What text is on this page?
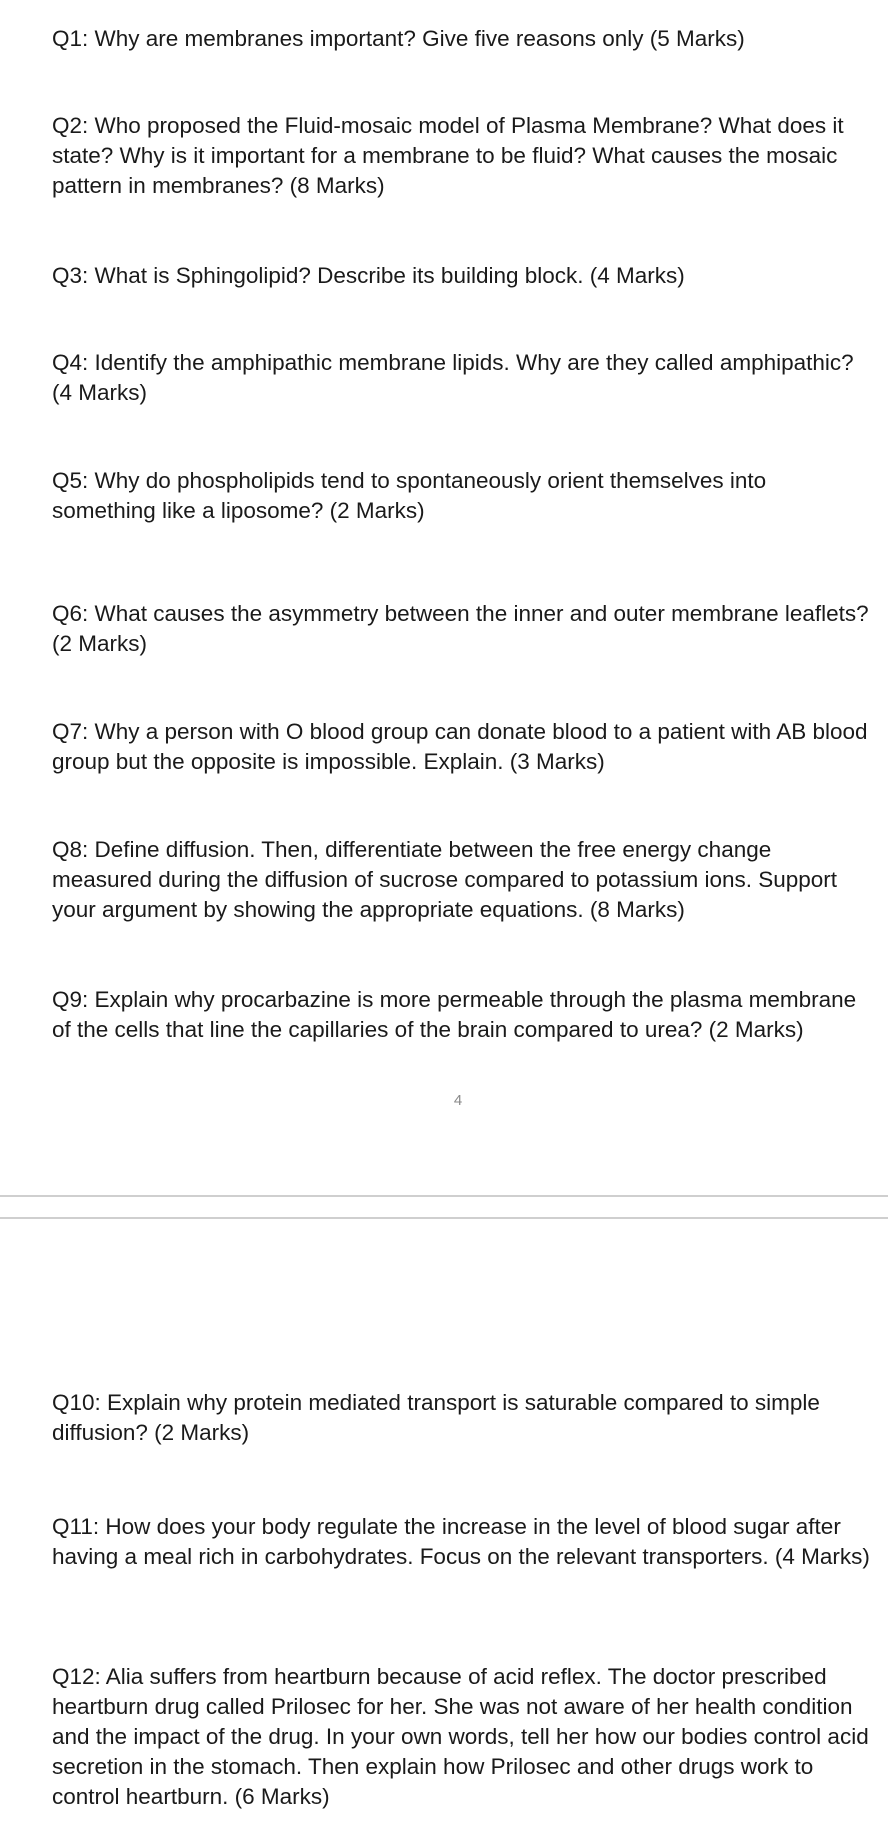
Q1: Why are membranes important? Give five reasons only (5 Marks)

Q2: Who proposed the Fluid-mosaic model of Plasma Membrane? What does it state? Why is it important for a membrane to be fluid? What causes the mosaic pattern in membranes? (8 Marks)

Q3: What is Sphingolipid? Describe its building block. (4 Marks)

Q4: Identify the amphipathic membrane lipids. Why are they called amphipathic? (4 Marks)

Q5: Why do phospholipids tend to spontaneously orient themselves into something like a liposome? (2 Marks)

Q6: What causes the asymmetry between the inner and outer membrane leaflets? (2 Marks)

Q7: Why a person with O blood group can donate blood to a patient with AB blood group but the opposite is impossible. Explain. (3 Marks)

Q8: Define diffusion. Then, differentiate between the free energy change measured during the diffusion of sucrose compared to potassium ions. Support your argument by showing the appropriate equations. (8 Marks)

Q9: Explain why procarbazine is more permeable through the plasma membrane of the cells that line the capillaries of the brain compared to urea? (2 Marks)

4

Q10: Explain why protein mediated transport is saturable compared to simple diffusion? (2 Marks)

Q11: How does your body regulate the increase in the level of blood sugar after having a meal rich in carbohydrates. Focus on the relevant transporters. (4 Marks)

Q12: Alia suffers from heartburn because of acid reflex. The doctor prescribed heartburn drug called Prilosec for her. She was not aware of her health condition and the impact of the drug. In your own words, tell her how our bodies control acid secretion in the stomach. Then explain how Prilosec and other drugs work to control heartburn. (6 Marks)
